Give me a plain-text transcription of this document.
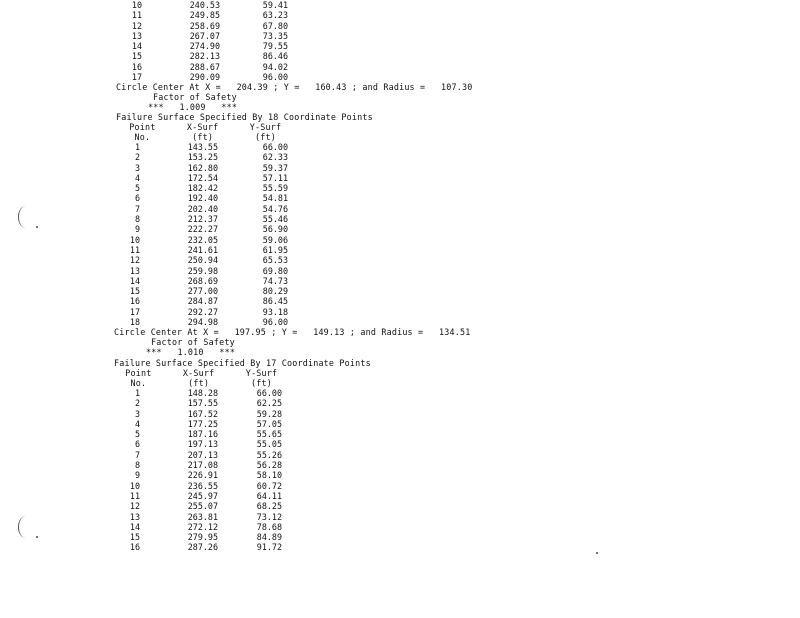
10	240.53	59.41
11	249.85	63.23
12	258.69	67.80
13	267.07	73.35
14	274.90	79.55
15	282.13	86.46
16	288.67	94.02
17	290.09	96.00
Circle Center At X =   204.39 ; Y =   160.43 ; and Radius =   107.30
Factor of Safety
***   1.009   ***
Failure Surface Specified By 18 Coordinate Points
Point      X-Surf      Y-Surf
No.        (ft)        (ft)
1	143.55	66.00
2	153.25	62.33
3	162.80	59.37
4	172.54	57.11
5	182.42	55.59
6	192.40	54.81
7	202.40	54.76
8	212.37	55.46
9	222.27	56.90
10	232.05	59.06
11	241.61	61.95
12	250.94	65.53
13	259.98	69.80
14	268.69	74.73
15	277.00	80.29
16	284.87	86.45
17	292.27	93.18
18	294.98	96.00
Circle Center At X =   197.95 ; Y =   149.13 ; and Radius =   134.51
Factor of Safety
***   1.010   ***
Failure Surface Specified By 17 Coordinate Points
Point      X-Surf      Y-Surf
No.        (ft)        (ft)
1	148.28	66.00
2	157.55	62.25
3	167.52	59.28
4	177.25	57.05
5	187.16	55.65
6	197.13	55.05
7	207.13	55.26
8	217.08	56.28
9	226.91	58.10
10	236.55	60.72
11	245.97	64.11
12	255.07	68.25
13	263.81	73.12
14	272.12	78.68
15	279.95	84.89
16	287.26	91.72
